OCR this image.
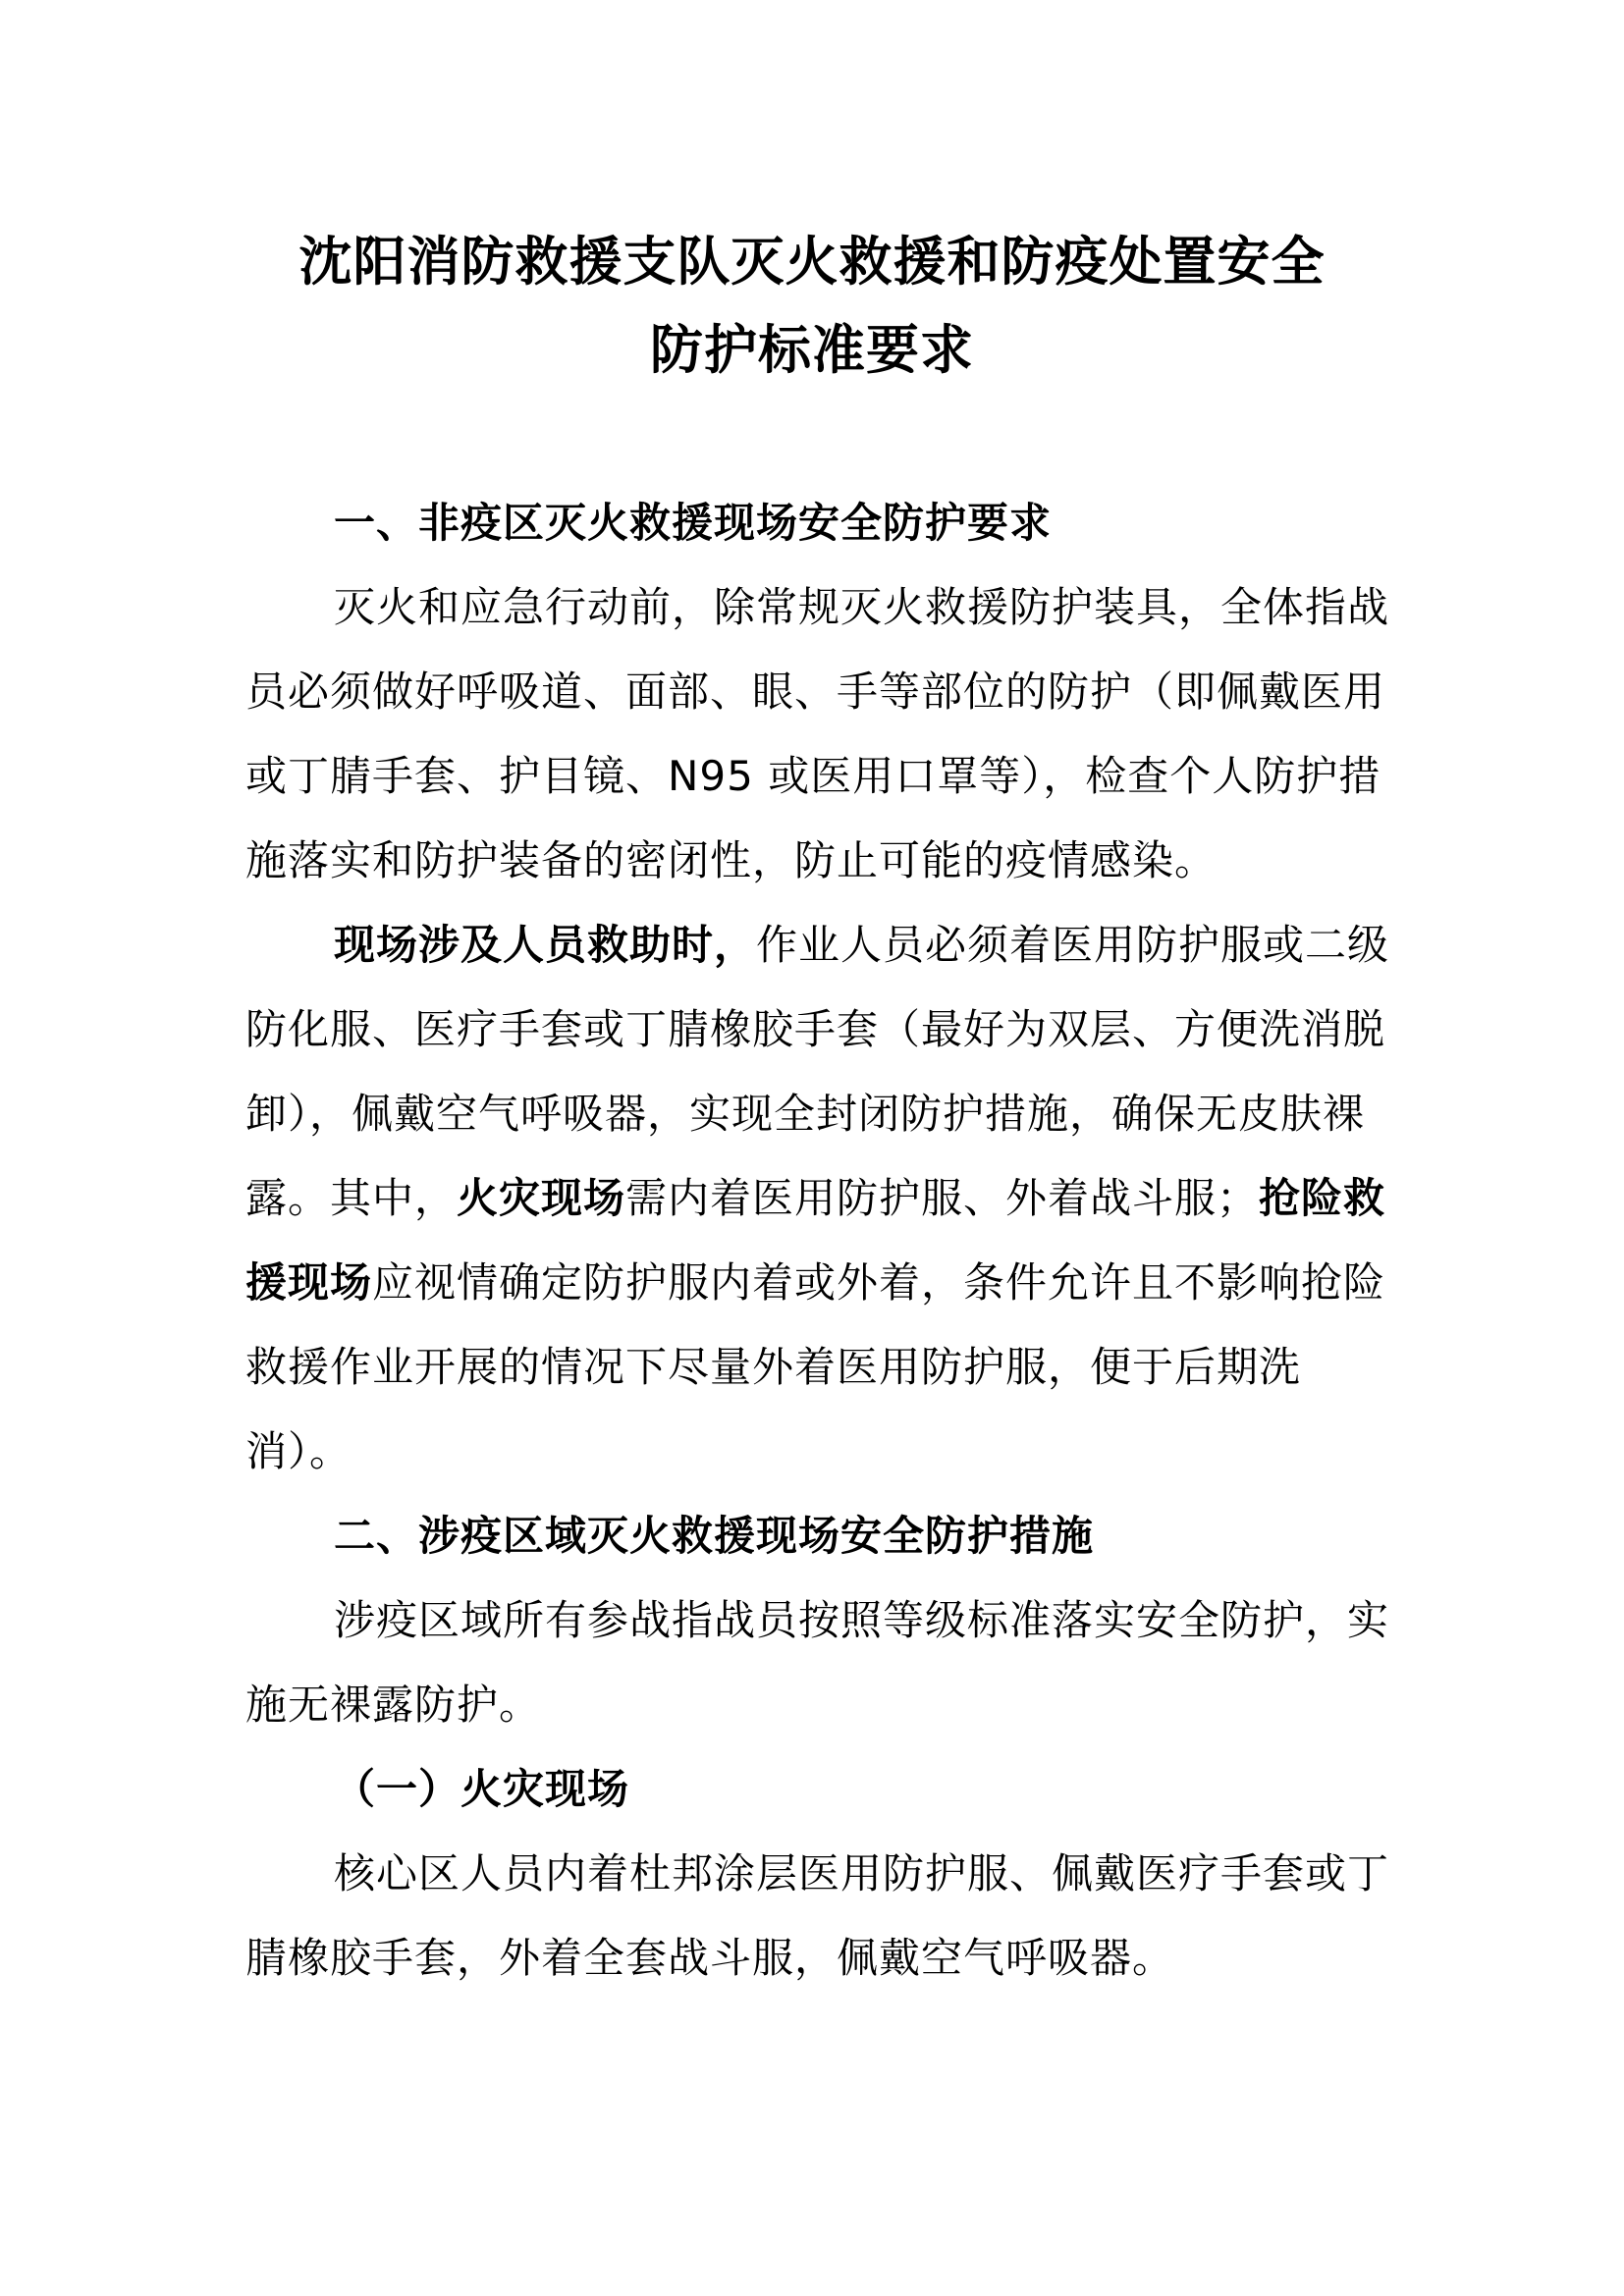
沈阳消防救援支队灭火救援和防疫处置安全
防护标准要求

一、非疫区灭火救援现场安全防护要求

灭火和应急行动前，除常规灭火救援防护装具，全体指战员必须做好呼吸道、面部、眼、手等部位的防护（即佩戴医用或丁腈手套、护目镜、N95 或医用口罩等），检查个人防护措施落实和防护装备的密闭性，防止可能的疫情感染。

现场涉及人员救助时，作业人员必须着医用防护服或二级防化服、医疗手套或丁腈橡胶手套（最好为双层、方便洗消脱卸），佩戴空气呼吸器，实现全封闭防护措施，确保无皮肤裸露。其中，火灾现场需内着医用防护服、外着战斗服；抢险救援现场应视情确定防护服内着或外着，条件允许且不影响抢险救援作业开展的情况下尽量外着医用防护服，便于后期洗消）。

二、涉疫区域灭火救援现场安全防护措施

涉疫区域所有参战指战员按照等级标准落实安全防护，实施无裸露防护。

（一）火灾现场

核心区人员内着杜邦涂层医用防护服、佩戴医疗手套或丁腈橡胶手套，外着全套战斗服，佩戴空气呼吸器。
